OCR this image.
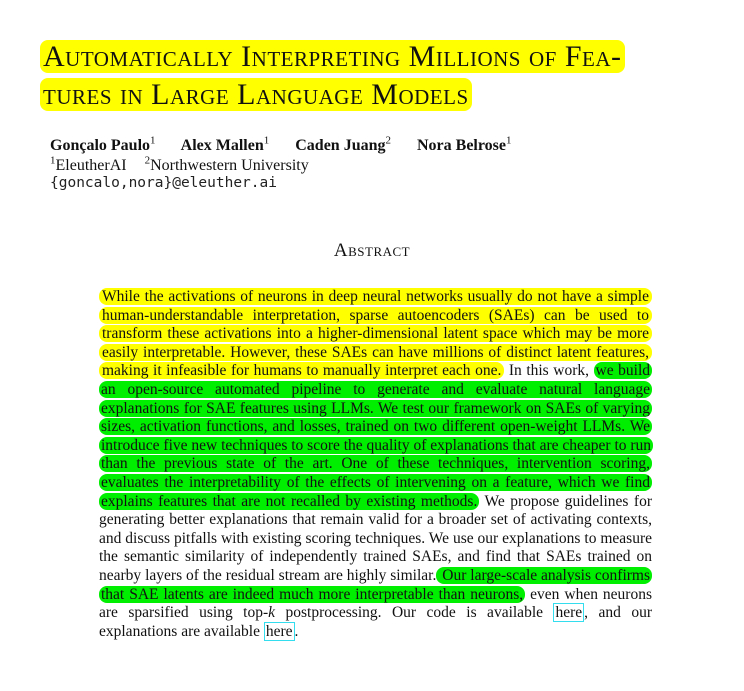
Automatically Interpreting Millions of Fea-
tures in Large Language Models
Gonçalo Paulo$^1$ Alex Mallen$^1$ Caden Juang$^2$ Nora Belrose$^1$
$^1$EleutherAI $^2$Northwestern University
{goncalo,nora}@eleuther.ai
Abstract

While the activations of neurons in deep neural networks usually do not have a simple human-understandable interpretation, sparse autoencoders (SAEs) can be used to transform these activations into a higher-dimensional latent space which may be more easily interpretable. However, these SAEs can have millions of distinct latent features, making it infeasible for humans to manually interpret each one. In this work, we build an open-source automated pipeline to generate and evaluate natural language explanations for SAE features using LLMs. We test our framework on SAEs of varying sizes, activation functions, and losses, trained on two different open-weight LLMs. We introduce five new techniques to score the quality of explanations that are cheaper to run than the previous state of the art. One of these techniques, intervention scoring, evaluates the interpretability of the effects of intervening on a feature, which we find explains features that are not recalled by existing methods. We propose guidelines for generating better explanations that remain valid for a broader set of activating contexts, and discuss pitfalls with existing scoring techniques. We use our explanations to measure the semantic similarity of independently trained SAEs, and find that SAEs trained on nearby layers of the residual stream are highly similar. Our large-scale analysis confirms that SAE latents are indeed much more interpretable than neurons, even when neurons are sparsified using top-k postprocessing. Our code is available here , and our explanations are available here .
